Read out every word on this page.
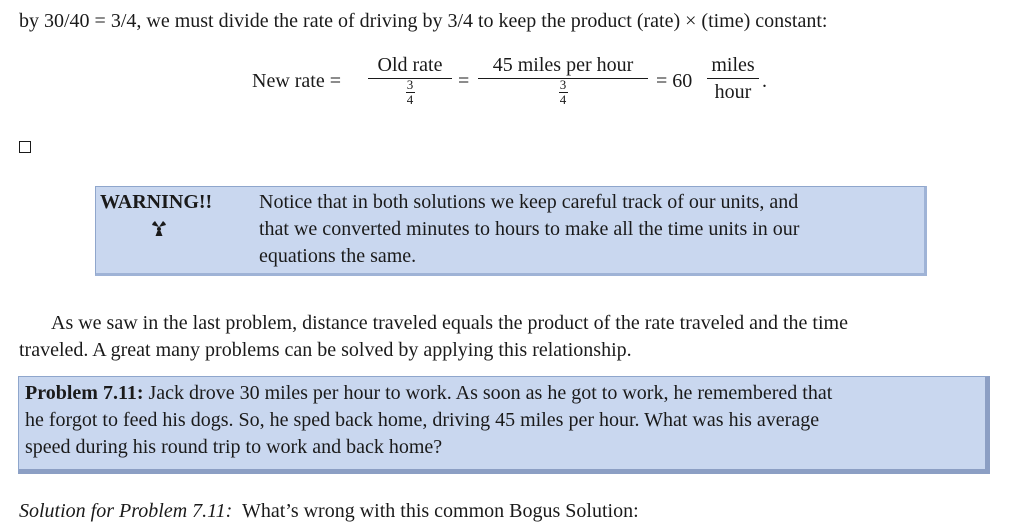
by 30/40 = 3/4, we must divide the rate of driving by 3/4 to keep the product (rate) × (time) constant:
New rate =
Old rate
$\frac{3}{4}$ =
45 miles per hour
$\frac{3}{4}$	= 60
miles
hour .
WARNING!! Notice that in both solutions we keep careful track of our units, and
that we converted minutes to hours to make all the time units in our
equations the same.
As we saw in the last problem, distance traveled equals the product of the rate traveled and the time
traveled. A great many problems can be solved by applying this relationship.
Problem 7.11: Jack drove 30 miles per hour to work. As soon as he got to work, he remembered that
he forgot to feed his dogs. So, he sped back home, driving 45 miles per hour. What was his average
speed during his round trip to work and back home?
Solution for Problem 7.11:  What’s wrong with this common Bogus Solution:
